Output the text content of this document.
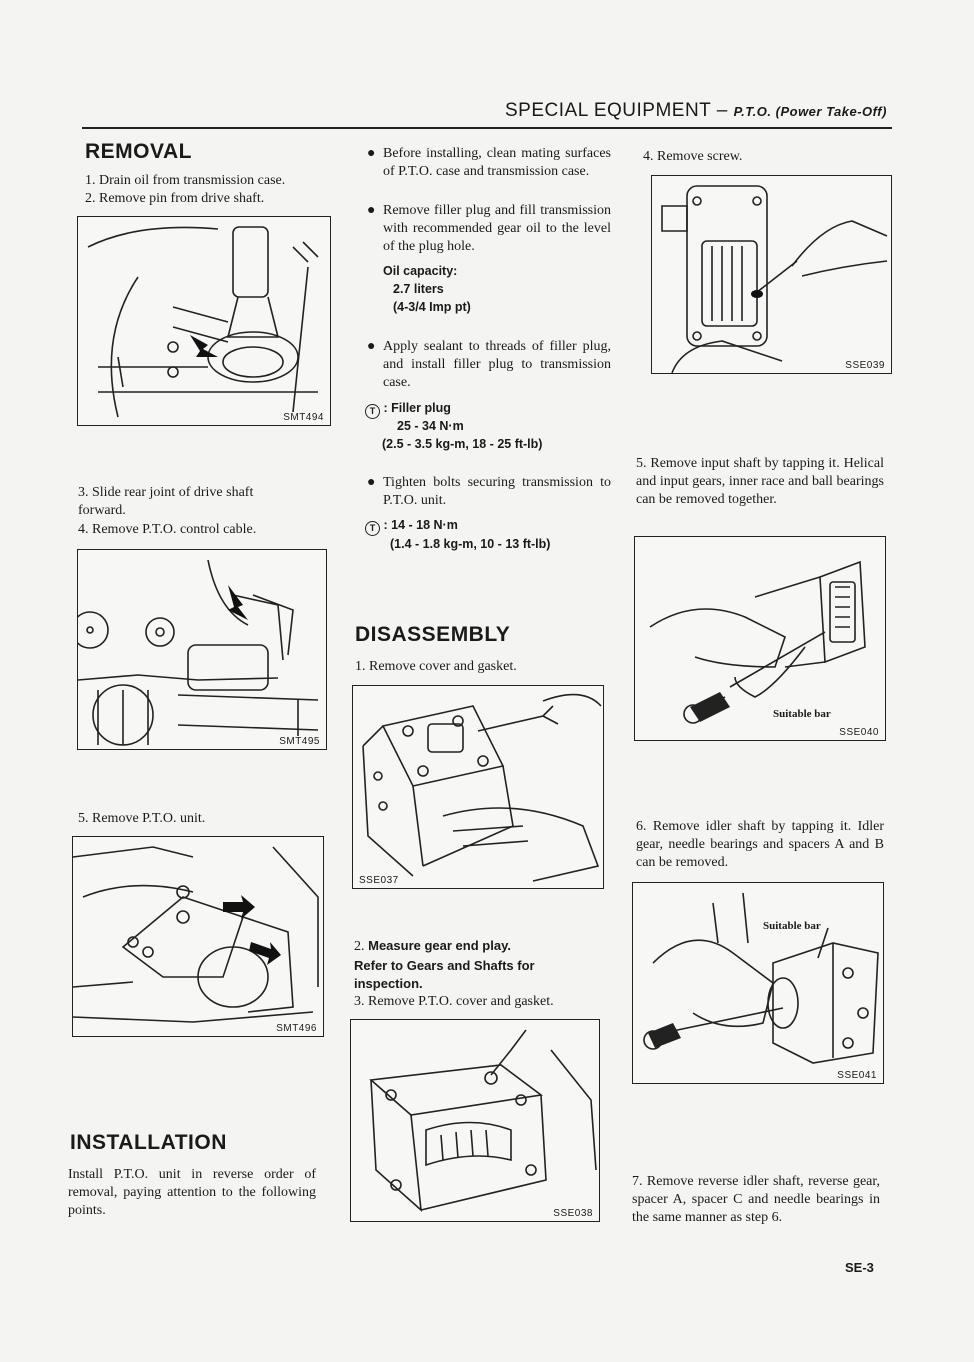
SPECIAL EQUIPMENT – P.T.O. (Power Take-Off)
REMOVAL
1. Drain oil from transmission case.
2. Remove pin from drive shaft.
SMT494
3. Slide rear joint of drive shaft
forward.
4. Remove P.T.O. control cable.
SMT495
5. Remove P.T.O. unit.
SMT496
INSTALLATION
Install P.T.O. unit in reverse order of removal, paying attention to the following points.
● Before installing, clean mating surfaces of P.T.O. case and transmission case.
● Remove filler plug and fill transmission with recommended gear oil to the level of the plug hole.
Oil capacity:
2.7 liters
(4-3/4 Imp pt)
● Apply sealant to threads of filler plug, and install filler plug to transmission case.
T : Filler plug
25 - 34 N·m
(2.5 - 3.5 kg-m, 18 - 25 ft-lb)
● Tighten bolts securing transmission to P.T.O. unit.
T : 14 - 18 N·m
(1.4 - 1.8 kg-m, 10 - 13 ft-lb)
DISASSEMBLY
1. Remove cover and gasket.
SSE037
2. Measure gear end play.
Refer to Gears and Shafts for inspection.
3. Remove P.T.O. cover and gasket.
SSE038
4. Remove screw.
SSE039
5. Remove input shaft by tapping it. Helical and input gears, inner race and ball bearings can be removed together.
Suitable bar
SSE040
6. Remove idler shaft by tapping it. Idler gear, needle bearings and spacers A and B can be removed.
Suitable bar
SSE041
7. Remove reverse idler shaft, reverse gear, spacer A, spacer C and needle bearings in the same manner as step 6.
SE-3
